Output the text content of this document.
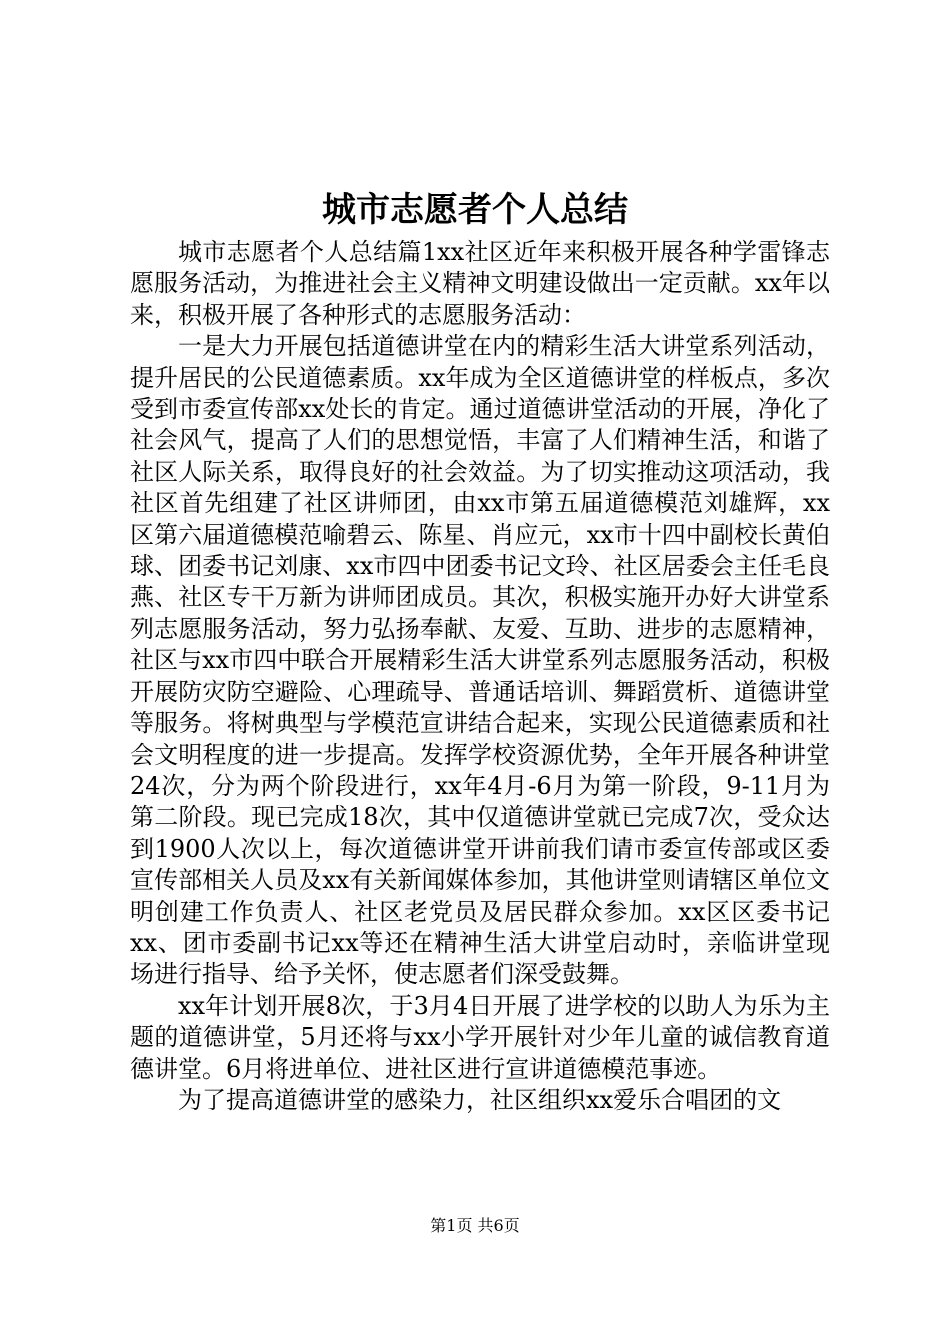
城市志愿者个人总结

城市志愿者个人总结篇1xx社区近年来积极开展各种学雷锋志愿服务活动，为推进社会主义精神文明建设做出一定贡献。xx年以来，积极开展了各种形式的志愿服务活动：

一是大力开展包括道德讲堂在内的精彩生活大讲堂系列活动，提升居民的公民道德素质。xx年成为全区道德讲堂的样板点，多次受到市委宣传部xx处长的肯定。通过道德讲堂活动的开展，净化了社会风气，提高了人们的思想觉悟，丰富了人们精神生活，和谐了社区人际关系，取得良好的社会效益。为了切实推动这项活动，我社区首先组建了社区讲师团，由xx市第五届道德模范刘雄辉，xx区第六届道德模范喻碧云、陈星、肖应元，xx市十四中副校长黄伯球、团委书记刘康、xx市四中团委书记文玲、社区居委会主任毛良燕、社区专干万新为讲师团成员。其次，积极实施开办好大讲堂系列志愿服务活动，努力弘扬奉献、友爱、互助、进步的志愿精神，社区与xx市四中联合开展精彩生活大讲堂系列志愿服务活动，积极开展防灾防空避险、心理疏导、普通话培训、舞蹈赏析、道德讲堂等服务。将树典型与学模范宣讲结合起来，实现公民道德素质和社会文明程度的进一步提高。发挥学校资源优势，全年开展各种讲堂24次，分为两个阶段进行，xx年4月-6月为第一阶段，9-11月为第二阶段。现已完成18次，其中仅道德讲堂就已完成7次，受众达到1900人次以上，每次道德讲堂开讲前我们请市委宣传部或区委宣传部相关人员及xx有关新闻媒体参加，其他讲堂则请辖区单位文明创建工作负责人、社区老党员及居民群众参加。xx区区委书记xx、团市委副书记xx等还在精神生活大讲堂启动时，亲临讲堂现场进行指导、给予关怀，使志愿者们深受鼓舞。

xx年计划开展8次，于3月4日开展了进学校的以助人为乐为主题的道德讲堂，5月还将与xx小学开展针对少年儿童的诚信教育道德讲堂。6月将进单位、进社区进行宣讲道德模范事迹。

为了提高道德讲堂的感染力，社区组织xx爱乐合唱团的文

第1页 共6页
